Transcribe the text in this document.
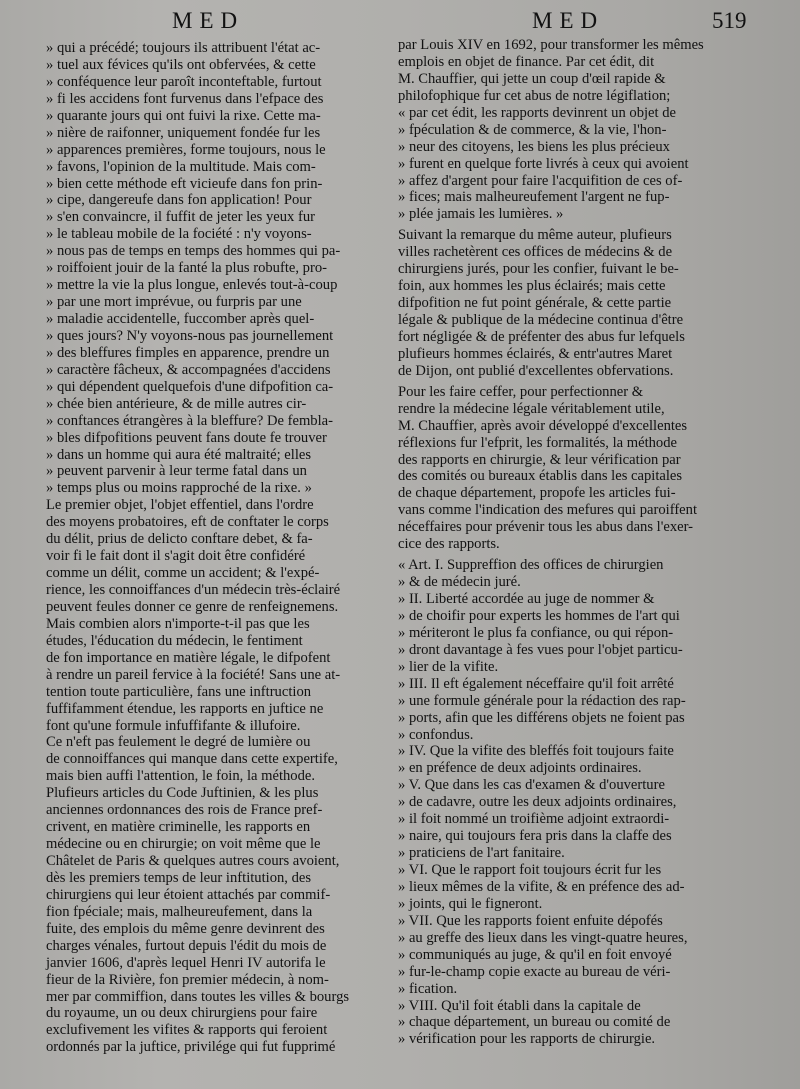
MED	MED	519
» qui a précédé; toujours ils attribuent l'état ac-
» tuel aux févices qu'ils ont obfervées, & cette
» conféquence leur paroît inconteftable, furtout
» fi les accidens font furvenus dans l'efpace des
» quarante jours qui ont fuivi la rixe. Cette ma-
» nière de raifonner, uniquement fondée fur les
» apparences premières, forme toujours, nous le
» favons, l'opinion de la multitude. Mais com-
» bien cette méthode eft vicieufe dans fon prin-
» cipe, dangereufe dans fon application! Pour
» s'en convaincre, il fuffit de jeter les yeux fur
» le tableau mobile de la fociété : n'y voyons-
» nous pas de temps en temps des hommes qui pa-
» roiffoient jouir de la fanté la plus robufte, pro-
» mettre la vie la plus longue, enlevés tout-à-coup
» par une mort imprévue, ou furpris par une
» maladie accidentelle, fuccomber après quel-
» ques jours? N'y voyons-nous pas journellement
» des bleffures fimples en apparence, prendre un
» caractère fâcheux, & accompagnées d'accidens
» qui dépendent quelquefois d'une difpofition ca-
» chée bien antérieure, & de mille autres cir-
» conftances étrangères à la bleffure? De fembla-
» bles difpofitions peuvent fans doute fe trouver
» dans un homme qui aura été maltraité; elles
» peuvent parvenir à leur terme fatal dans un
» temps plus ou moins rapproché de la rixe. »
Le premier objet, l'objet effentiel, dans l'ordre
des moyens probatoires, eft de conftater le corps
du délit, prius de delicto conftare debet, & fa-
voir fi le fait dont il s'agit doit être confidéré
comme un délit, comme un accident; & l'expé-
rience, les connoiffances d'un médecin très-éclairé
peuvent feules donner ce genre de renfeignemens.
Mais combien alors n'importe-t-il pas que les
études, l'éducation du médecin, le fentiment
de fon importance en matière légale, le difpofent
à rendre un pareil fervice à la fociété! Sans une at-
tention toute particulière, fans une inftruction
fuffifamment étendue, les rapports en juftice ne
font qu'une formule infuffifante & illufoire.
Ce n'eft pas feulement le degré de lumière ou
de connoiffances qui manque dans cette expertife,
mais bien auffi l'attention, le foin, la méthode.
Plufieurs articles du Code Juftinien, & les plus
anciennes ordonnances des rois de France pref-
crivent, en matière criminelle, les rapports en
médecine ou en chirurgie; on voit même que le
Châtelet de Paris & quelques autres cours avoient,
dès les premiers temps de leur inftitution, des
chirurgiens qui leur étoient attachés par commif-
fion fpéciale; mais, malheureufement, dans la
fuite, des emplois du même genre devinrent des
charges vénales, furtout depuis l'édit du mois de
janvier 1606, d'après lequel Henri IV autorifa le
fieur de la Rivière, fon premier médecin, à nom-
mer par commiffion, dans toutes les villes & bourgs
du royaume, un ou deux chirurgiens pour faire
exclufivement les vifites & rapports qui feroient
ordonnés par la juftice, privilége qui fut fupprimé
par Louis XIV en 1692, pour transformer les mêmes
emplois en objet de finance. Par cet édit, dit
M. Chauffier, qui jette un coup d'œil rapide &
philofophique fur cet abus de notre légiflation;
« par cet édit, les rapports devinrent un objet de
» fpéculation & de commerce, & la vie, l'hon-
» neur des citoyens, les biens les plus précieux
» furent en quelque forte livrés à ceux qui avoient
» affez d'argent pour faire l'acquifition de ces of-
» fices; mais malheureufement l'argent ne fup-
» pléе jamais les lumières. »
Suivant la remarque du même auteur, plufieurs
villes rachetèrent ces offices de médecins & de
chirurgiens jurés, pour les confier, fuivant le be-
foin, aux hommes les plus éclairés; mais cette
difpofition ne fut point générale, & cette partie
légale & publique de la médecine continua d'être
fort négligée & de préfenter des abus fur lefquels
plufieurs hommes éclairés, & entr'autres Maret
de Dijon, ont publié d'excellentes obfervations.
Pour les faire ceffer, pour perfectionner &
rendre la médecine légale véritablement utile,
M. Chauffier, après avoir développé d'excellentes
réflexions fur l'efprit, les formalités, la méthode
des rapports en chirurgie, & leur vérification par
des comités ou bureaux établis dans les capitales
de chaque département, propofe les articles fui-
vans comme l'indication des mefures qui paroiffent
néceffaires pour prévenir tous les abus dans l'exer-
cice des rapports.
« Art. I. Suppreffion des offices de chirurgien
» & de médecin juré.
» II. Liberté accordée au juge de nommer &
» de choifir pour experts les hommes de l'art qui
» mériteront le plus fa confiance, ou qui répon-
» dront davantage à fes vues pour l'objet particu-
» lier de la vifite.
» III. Il eft également néceffaire qu'il foit arrêté
» une formule générale pour la rédaction des rap-
» ports, afin que les différens objets ne foient pas
» confondus.
» IV. Que la vifite des bleffés foit toujours faite
» en préfence de deux adjoints ordinaires.
» V. Que dans les cas d'examen & d'ouverture
» de cadavre, outre les deux adjoints ordinaires,
» il foit nommé un troifième adjoint extraordi-
» naire, qui toujours fera pris dans la claffe des
» praticiens de l'art fanitaire.
» VI. Que le rapport foit toujours écrit fur les
» lieux mêmes de la vifite, & en préfence des ad-
» joints, qui le figneront.
» VII. Que les rapports foient enfuite dépofés
» au greffe des lieux dans les vingt-quatre heures,
» communiqués au juge, & qu'il en foit envoyé
» fur-le-champ copie exacte au bureau de véri-
» fication.
» VIII. Qu'il foit établi dans la capitale de
» chaque département, un bureau ou comité de
» vérification pour les rapports de chirurgie.
